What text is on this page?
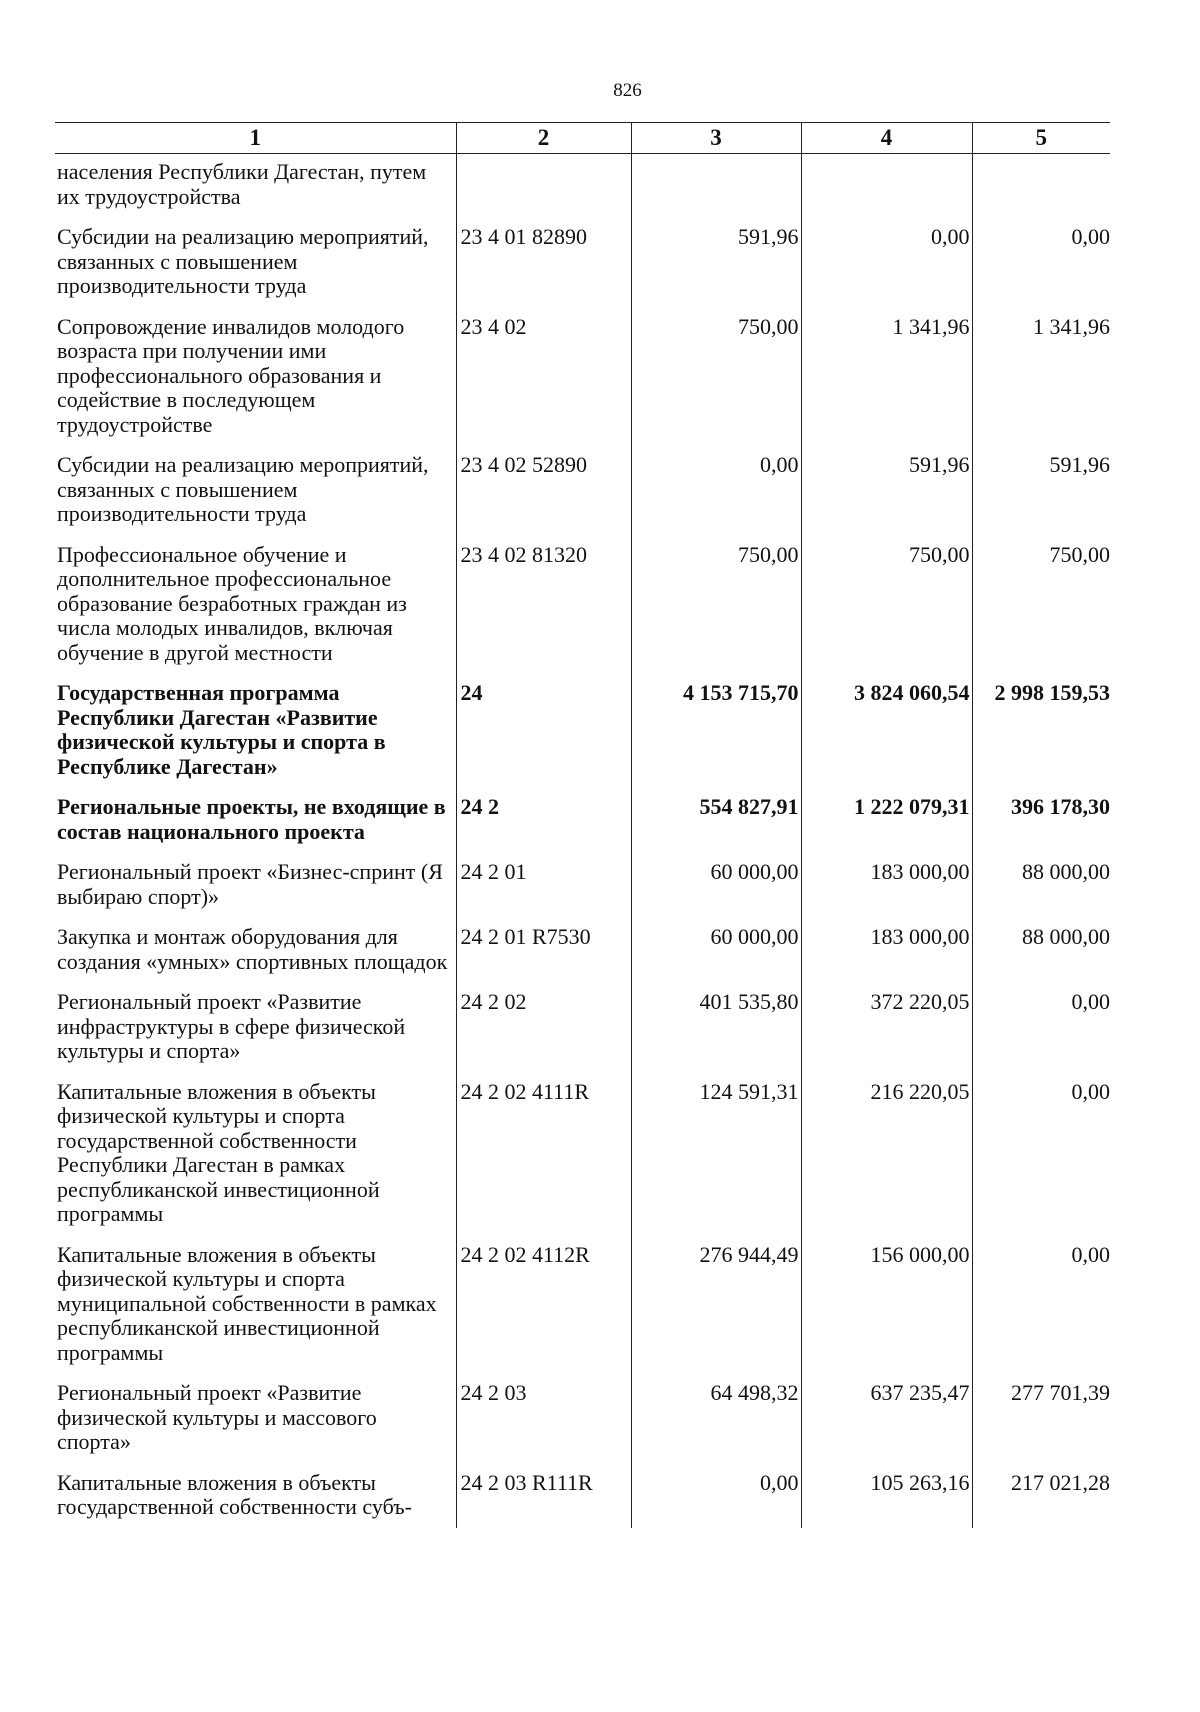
826
1	2	3	4	5
населения Республики Дагестан, путем их трудоустройства				
Субсидии на реализацию мероприятий, связанных с повышением производительности труда	23 4 01 82890	591,96	0,00	0,00
Сопровождение инвалидов молодого возраста при получении ими профессионального образования и содействие в последующем трудоустройстве	23 4 02	750,00	1 341,96	1 341,96
Субсидии на реализацию мероприятий, связанных с повышением производительности труда	23 4 02 52890	0,00	591,96	591,96
Профессиональное обучение и дополнительное профессиональное образование безработных граждан из числа молодых инвалидов, включая обучение в другой местности	23 4 02 81320	750,00	750,00	750,00
Государственная программа Республики Дагестан «Развитие физической культуры и спорта в Республике Дагестан»	24	4 153 715,70	3 824 060,54	2 998 159,53
Региональные проекты, не входящие в состав национального проекта	24 2	554 827,91	1 222 079,31	396 178,30
Региональный проект «Бизнес-спринт (Я выбираю спорт)»	24 2 01	60 000,00	183 000,00	88 000,00
Закупка и монтаж оборудования для создания «умных» спортивных площадок	24 2 01 R7530	60 000,00	183 000,00	88 000,00
Региональный проект «Развитие инфраструктуры в сфере физической культуры и спорта»	24 2 02	401 535,80	372 220,05	0,00
Капитальные вложения в объекты физической культуры и спорта государственной собственности Республики Дагестан в рамках республиканской инвестиционной программы	24 2 02 4111R	124 591,31	216 220,05	0,00
Капитальные вложения в объекты физической культуры и спорта муниципальной собственности в рамках республиканской инвестиционной программы	24 2 02 4112R	276 944,49	156 000,00	0,00
Региональный проект «Развитие физической культуры и массового спорта»	24 2 03	64 498,32	637 235,47	277 701,39
Капитальные вложения в объекты государственной собственности субъ-	24 2 03 R111R	0,00	105 263,16	217 021,28
